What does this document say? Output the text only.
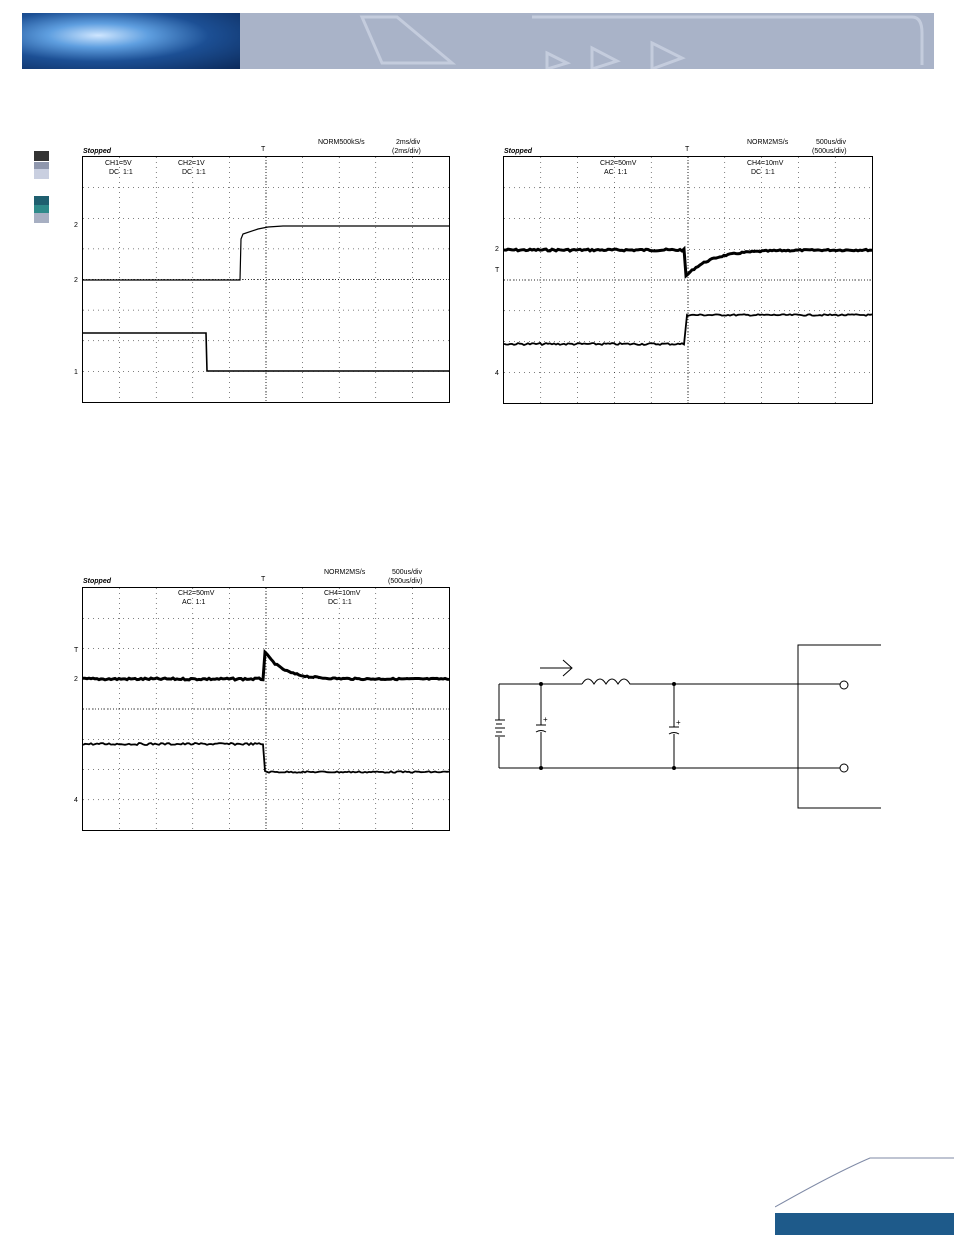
Stopped
NORM500kS/s	2ms/div
(2ms/div)
T
CH1=5V
DC  1:1
CH2=1V
DC  1:1
2
2
1
Stopped
NORM2MS/s	500us/div
(500us/div)
T
CH2=50mV
AC  1:1
CH4=10mV
DC  1:1
2
T
4
Stopped
NORM2MS/s	500us/div
(500us/div)
T
CH2=50mV
AC  1:1
CH4=10mV
DC  1:1
T
2
4
+	+
